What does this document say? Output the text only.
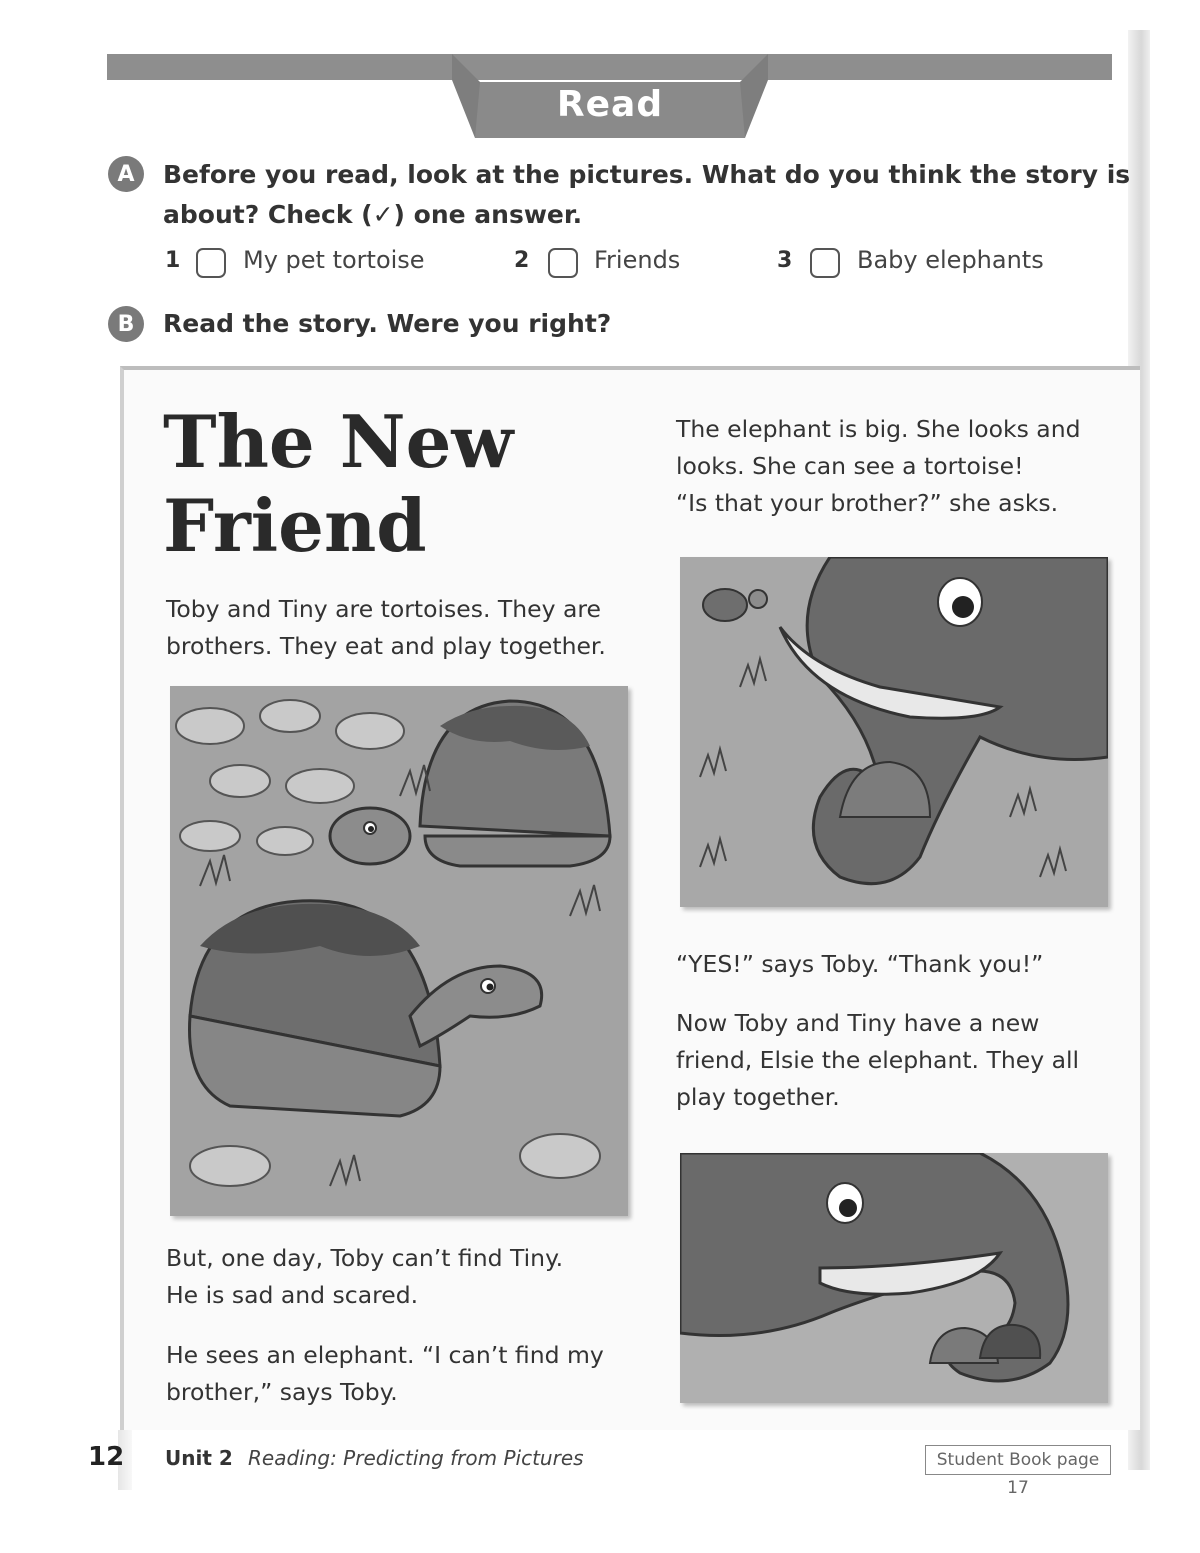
Read
A	Before you read, look at the pictures. What do you think the story is
about? Check (✓) one answer.
1	My pet tortoise	2	Friends	3	Baby elephants
B	Read the story. Were you right?
The New
Friend
Toby and Tiny are tortoises. They are
brothers. They eat and play together.
But, one day, Toby can’t find Tiny.
He is sad and scared.
He sees an elephant. “I can’t find my
brother,” says Toby.
The elephant is big. She looks and
looks. She can see a tortoise!
“Is that your brother?” she asks.
“YES!” says Toby. “Thank you!”
Now Toby and Tiny have a new
friend, Elsie the elephant. They all
play together.
12 Unit 2 Reading: Predicting from Pictures	Student Book page 17
